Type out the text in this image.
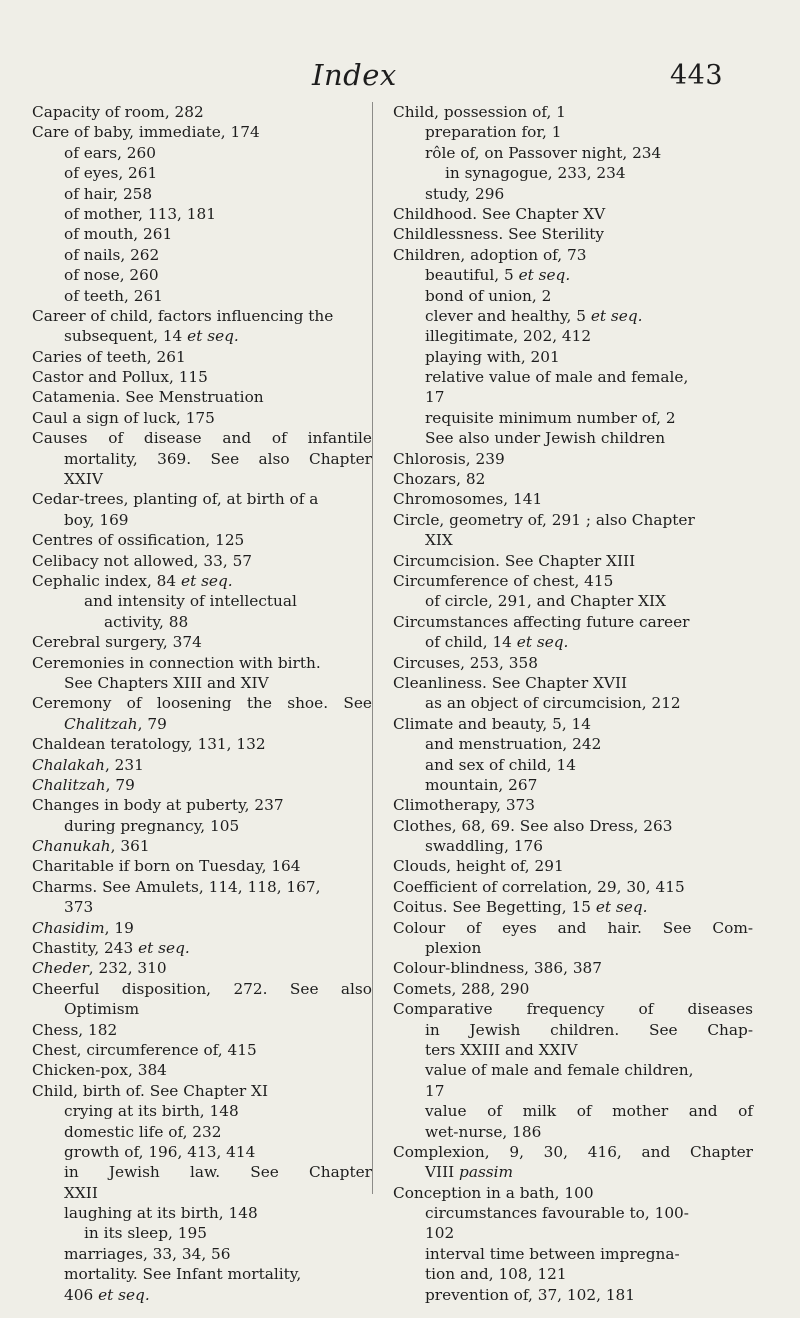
Index	443
Capacity of room, 282
Care of baby, immediate, 174
of ears, 260
of eyes, 261
of hair, 258
of mother, 113, 181
of mouth, 261
of nails, 262
of nose, 260
of teeth, 261
Career of child, factors influencing the
subsequent, 14 et seq.
Caries of teeth, 261
Castor and Pollux, 115
Catamenia. See Menstruation
Caul a sign of luck, 175
Causes of disease and of infantile
mortality, 369. See also Chapter
XXIV
Cedar-trees, planting of, at birth of a
boy, 169
Centres of ossification, 125
Celibacy not allowed, 33, 57
Cephalic index, 84 et seq.
and intensity of intellectual
activity, 88
Cerebral surgery, 374
Ceremonies in connection with birth.
See Chapters XIII and XIV
Ceremony of loosening the shoe. See
Chalitzah, 79
Chaldean teratology, 131, 132
Chalakah, 231
Chalitzah, 79
Changes in body at puberty, 237
during pregnancy, 105
Chanukah, 361
Charitable if born on Tuesday, 164
Charms. See Amulets, 114, 118, 167,
373
Chasidim, 19
Chastity, 243 et seq.
Cheder, 232, 310
Cheerful disposition, 272. See also
Optimism
Chess, 182
Chest, circumference of, 415
Chicken-pox, 384
Child, birth of. See Chapter XI
crying at its birth, 148
domestic life of, 232
growth of, 196, 413, 414
in Jewish law. See Chapter
XXII
laughing at its birth, 148
in its sleep, 195
marriages, 33, 34, 56
mortality. See Infant mortality,
406 et seq.
Child, possession of, 1
preparation for, 1
rôle of, on Passover night, 234
in synagogue, 233, 234
study, 296
Childhood. See Chapter XV
Childlessness. See Sterility
Children, adoption of, 73
beautiful, 5 et seq.
bond of union, 2
clever and healthy, 5 et seq.
illegitimate, 202, 412
playing with, 201
relative value of male and female,
17
requisite minimum number of, 2
See also under Jewish children
Chlorosis, 239
Chozars, 82
Chromosomes, 141
Circle, geometry of, 291 ; also Chapter
XIX
Circumcision. See Chapter XIII
Circumference of chest, 415
of circle, 291, and Chapter XIX
Circumstances affecting future career
of child, 14 et seq.
Circuses, 253, 358
Cleanliness. See Chapter XVII
as an object of circumcision, 212
Climate and beauty, 5, 14
and menstruation, 242
and sex of child, 14
mountain, 267
Climotherapy, 373
Clothes, 68, 69. See also Dress, 263
swaddling, 176
Clouds, height of, 291
Coefficient of correlation, 29, 30, 415
Coitus. See Begetting, 15 et seq.
Colour of eyes and hair. See Com-
plexion
Colour-blindness, 386, 387
Comets, 288, 290
Comparative frequency of diseases
in Jewish children. See Chap-
ters XXIII and XXIV
value of male and female children,
17
value of milk of mother and of
wet-nurse, 186
Complexion, 9, 30, 416, and Chapter
VIII passim
Conception in a bath, 100
circumstances favourable to, 100-
102
interval time between impregna-
tion and, 108, 121
prevention of, 37, 102, 181
